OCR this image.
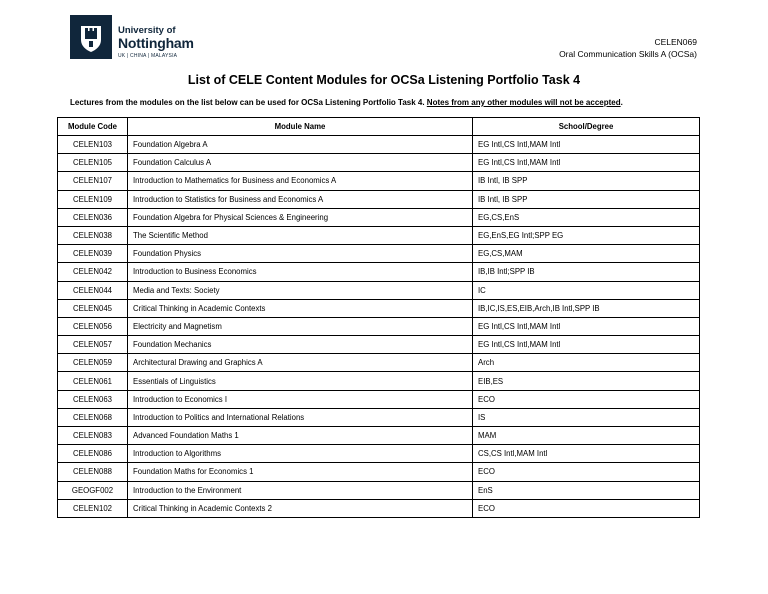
University of
Nottingham
UK | CHINA | MALAYSIA
CELEN069
Oral Communication Skills A (OCSa)
List of CELE Content Modules for OCSa Listening Portfolio Task 4
Lectures from the modules on the list below can be used for OCSa Listening Portfolio Task 4. Notes from any other modules will not be accepted.
Module Code	Module Name	School/Degree
CELEN103	Foundation Algebra A	EG Intl,CS Intl,MAM Intl
CELEN105	Foundation Calculus A	EG Intl,CS Intl,MAM Intl
CELEN107	Introduction to Mathematics for Business and Economics A	IB Intl, IB SPP
CELEN109	Introduction to Statistics for Business and Economics A	IB Intl, IB SPP
CELEN036	Foundation Algebra for Physical Sciences & Engineering	EG,CS,EnS
CELEN038	The Scientific Method	EG,EnS,EG Intl;SPP EG
CELEN039	Foundation Physics	EG,CS,MAM
CELEN042	Introduction to Business Economics	IB,IB Intl;SPP IB
CELEN044	Media and Texts: Society	IC
CELEN045	Critical Thinking in Academic Contexts	IB,IC,IS,ES,EIB,Arch,IB Intl,SPP IB
CELEN056	Electricity and Magnetism	EG Intl,CS Intl,MAM Intl
CELEN057	Foundation Mechanics	EG Intl,CS Intl,MAM Intl
CELEN059	Architectural Drawing and Graphics A	Arch
CELEN061	Essentials of Linguistics	EIB,ES
CELEN063	Introduction to Economics I	ECO
CELEN068	Introduction to Politics and International Relations	IS
CELEN083	Advanced Foundation Maths 1	MAM
CELEN086	Introduction to Algorithms	CS,CS Intl,MAM Intl
CELEN088	Foundation Maths for Economics 1	ECO
GEOGF002	Introduction to the Environment	EnS
CELEN102	Critical Thinking in Academic Contexts 2	ECO
